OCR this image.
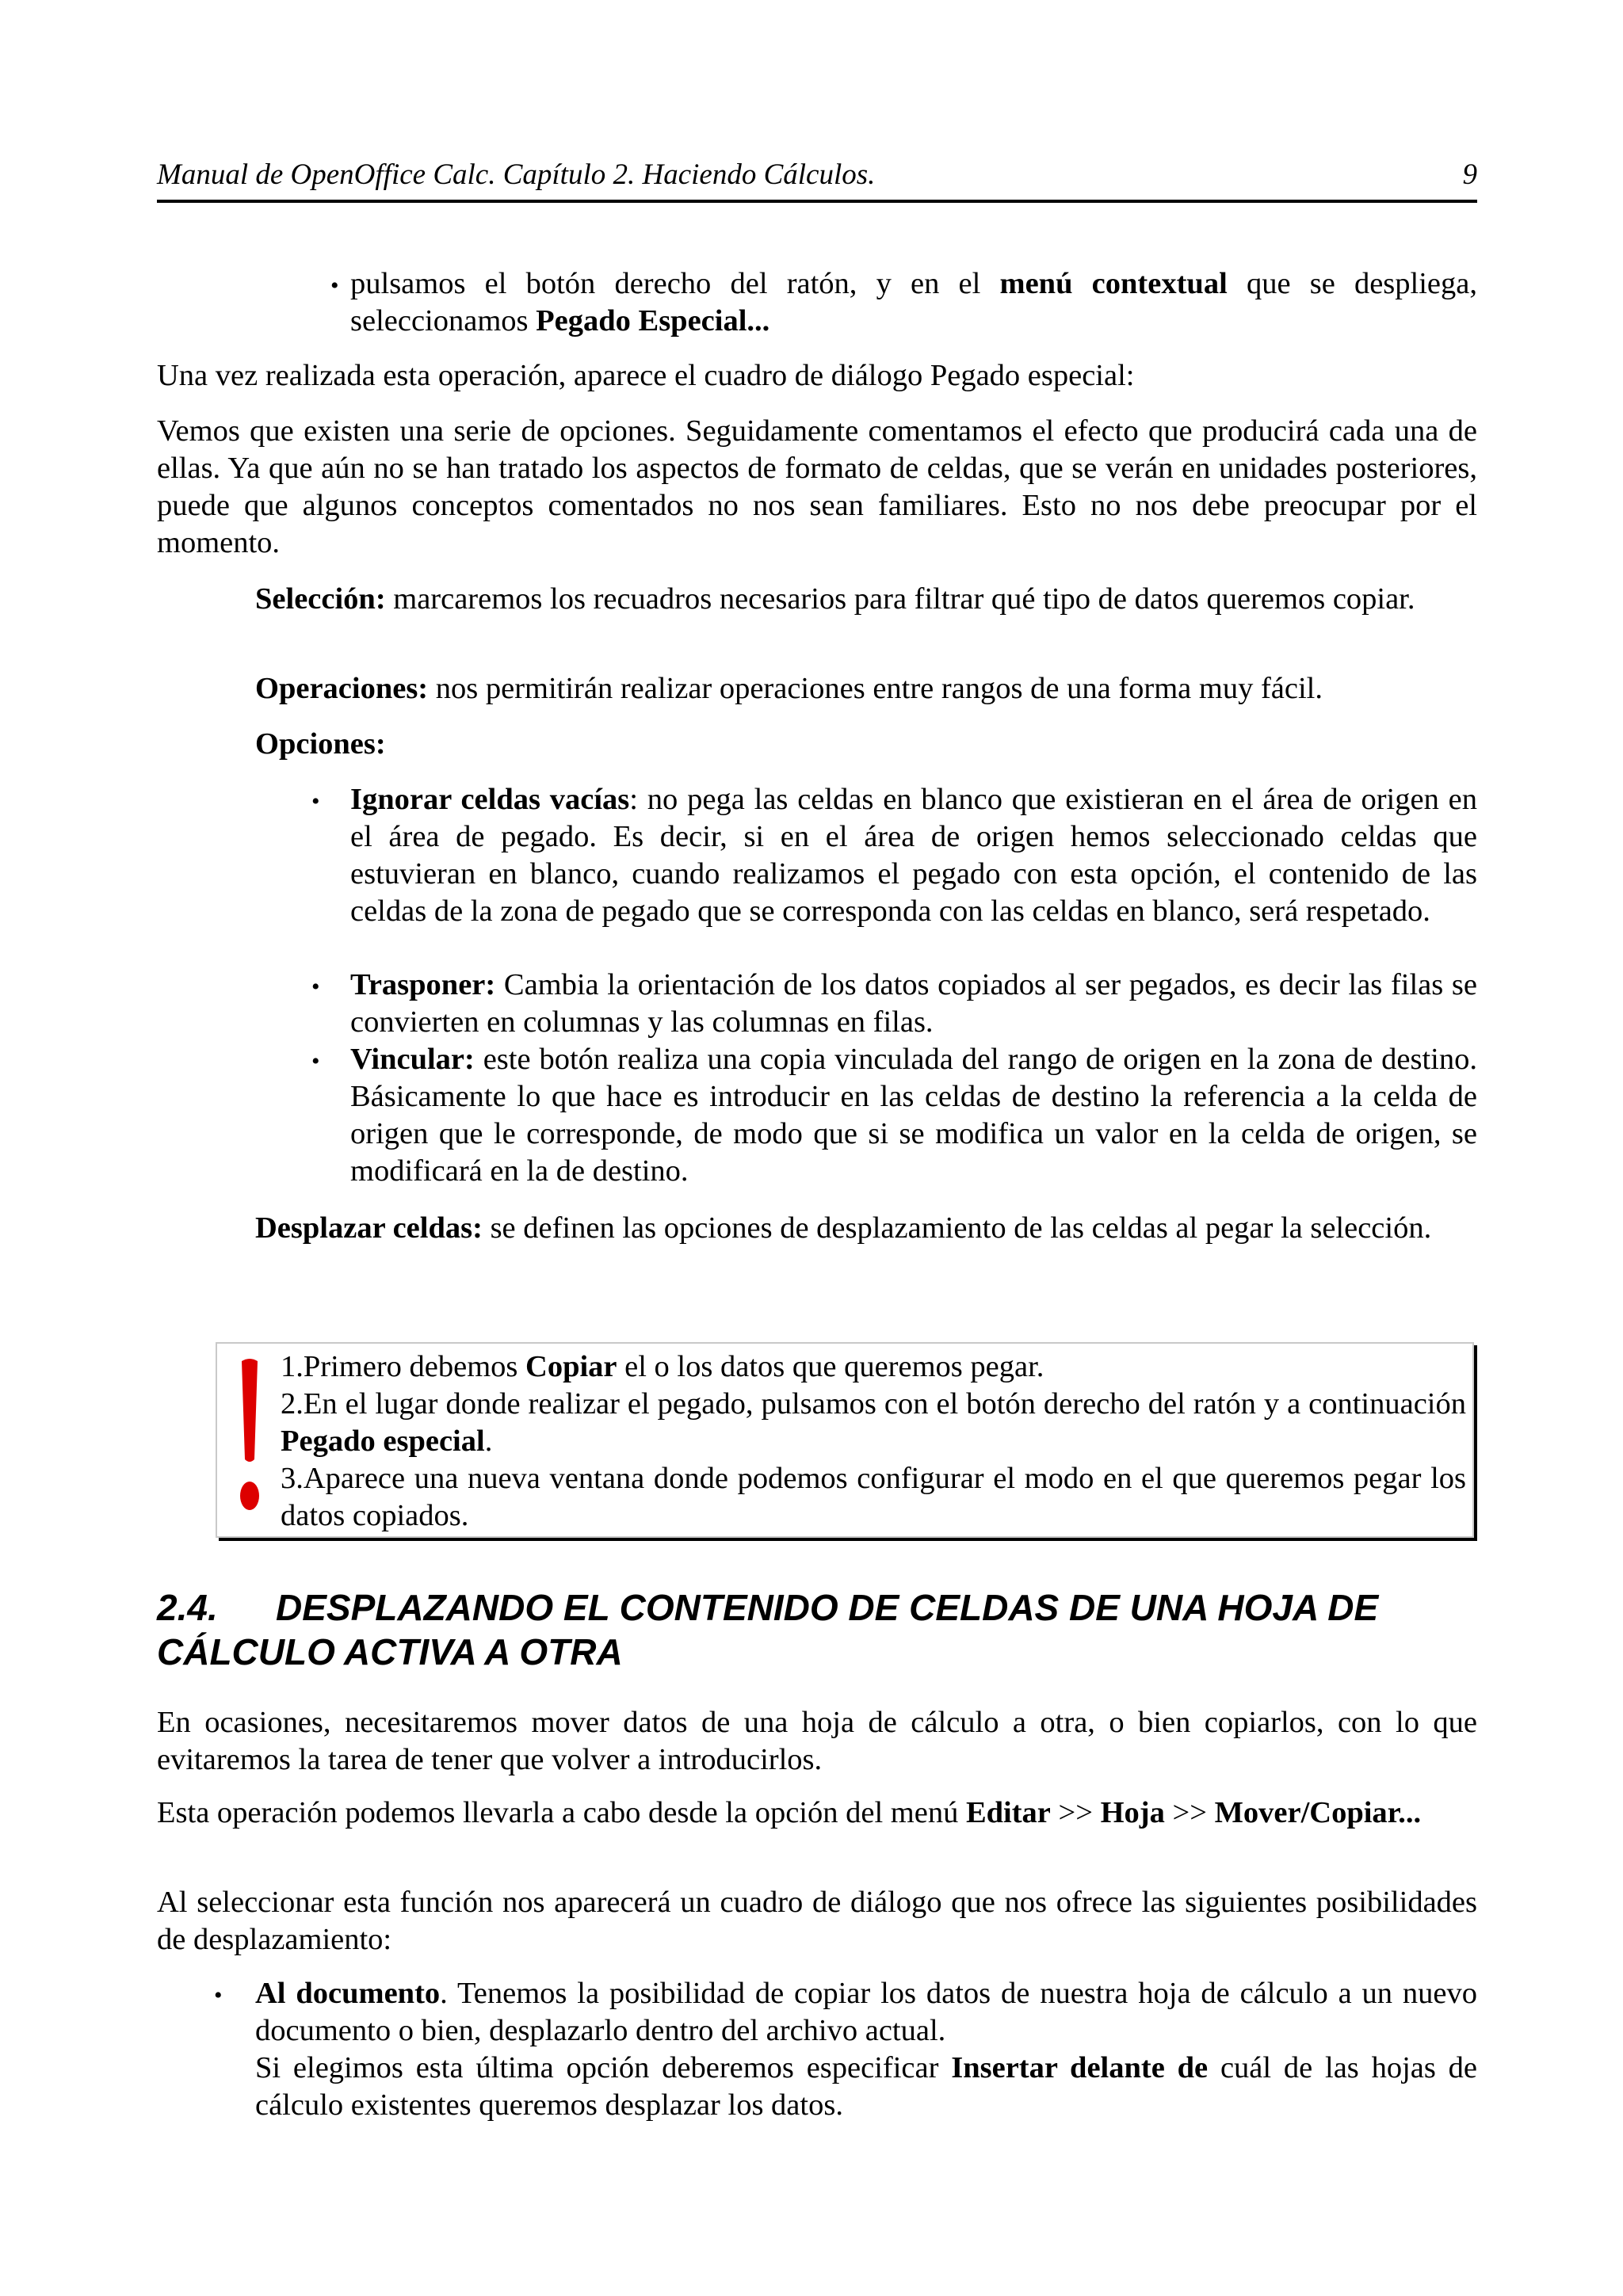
Manual de OpenOffice Calc. Capítulo 2. Haciendo Cálculos.	9
• pulsamos el botón derecho del ratón, y en el menú contextual que se despliega, seleccionamos Pegado Especial...

Una vez realizada esta operación, aparece el cuadro de diálogo Pegado especial:

Vemos que existen una serie de opciones. Seguidamente comentamos el efecto que producirá cada una de ellas. Ya que aún no se han tratado los aspectos de formato de celdas, que se verán en unidades posteriores, puede que algunos conceptos comentados no nos sean familiares. Esto no nos debe preocupar por el momento.

Selección: marcaremos los recuadros necesarios para filtrar qué tipo de datos queremos copiar.
Operaciones: nos permitirán realizar operaciones entre rangos de una forma muy fácil.
Opciones:
• Ignorar celdas vacías: no pega las celdas en blanco que existieran en el área de origen en el área de pegado. Es decir, si en el área de origen hemos seleccionado celdas que estuvieran en blanco, cuando realizamos el pegado con esta opción, el contenido de las celdas de la zona de pegado que se corresponda con las celdas en blanco, será respetado.
• Trasponer: Cambia la orientación de los datos copiados al ser pegados, es decir las filas se convierten en columnas y las columnas en filas.
• Vincular: este botón realiza una copia vinculada del rango de origen en la zona de destino. Básicamente lo que hace es introducir en las celdas de destino la referencia a la celda de origen que le corresponde, de modo que si se modifica un valor en la celda de origen, se modificará en la de destino.
Desplazar celdas: se definen las opciones de desplazamiento de las celdas al pegar la selección.
1.Primero debemos Copiar el o los datos que queremos pegar.
2.En el lugar donde realizar el pegado, pulsamos con el botón derecho del ratón y a continuación Pegado especial.
3.Aparece una nueva ventana donde podemos configurar el modo en el que queremos pegar los datos copiados.
2.4. DESPLAZANDO EL CONTENIDO DE CELDAS DE UNA HOJA DE CÁLCULO ACTIVA A OTRA

En ocasiones, necesitaremos mover datos de una hoja de cálculo a otra, o bien copiarlos, con lo que evitaremos la tarea de tener que volver a introducirlos.

Esta operación podemos llevarla a cabo desde la opción del menú Editar >> Hoja >> Mover/Copiar...

Al seleccionar esta función nos aparecerá un cuadro de diálogo que nos ofrece las siguientes posibilidades de desplazamiento:

• Al documento. Tenemos la posibilidad de copiar los datos de nuestra hoja de cálculo a un nuevo documento o bien, desplazarlo dentro del archivo actual.
Si elegimos esta última opción deberemos especificar Insertar delante de cuál de las hojas de cálculo existentes queremos desplazar los datos.
